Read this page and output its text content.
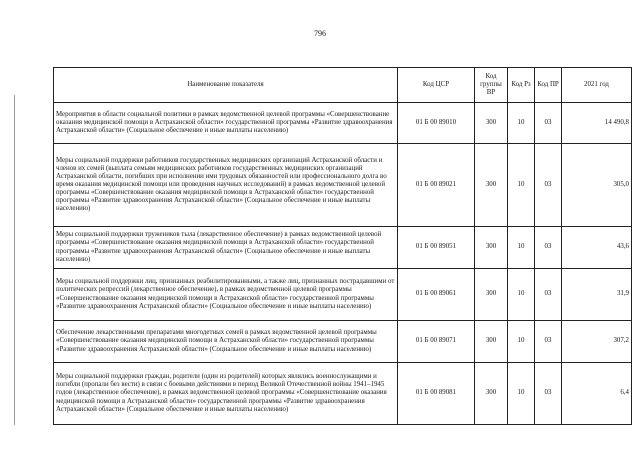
796
Наименование показателя	Код ЦСР	Код группы ВР	Код Рз	Код ПР	2021 год
Мероприятия в области социальной политики в рамках ведомственной целевой программы «Совершенствование оказания медицинской помощи в Астраханской области» государственной программы «Развитие здравоохранения Астраханской области» (Социальное обеспечение и иные выплаты населению)	01 Б 00 89010	300	10	03	14 490,8
Меры социальной поддержки работников государственных медицинских организаций Астраханской области и членов их семей (выплата семьям медицинских работников государственных медицинских организаций Астраханской области, погибших при исполнении ими трудовых обязанностей или профессионального долга во время оказания медицинской помощи или проведения научных исследований) в рамках ведомственной целевой программы «Совершенствование оказания медицинской помощи в Астраханской области» государственной программы «Развитие здравоохранения Астраханской области» (Социальное обеспечение и иные выплаты населению)	01 Б 00 89021	300	10	03	305,0
Меры социальной поддержки тружеников тыла (лекарственное обеспечение) в рамках ведомственной целевой программы «Совершенствование оказания медицинской помощи в Астраханской области» государственной программы «Развитие здравоохранения Астраханской области» (Социальное обеспечение и иные выплаты населению)	01 Б 00 89051	300	10	03	43,6
Меры социальной поддержки лиц, признанных реабилитированными, а также лиц, признанных пострадавшими от политических репрессий (лекарственное обеспечение), в рамках ведомственной целевой программы «Совершенствование оказания медицинской помощи в Астраханской области» государственной программы «Развитие здравоохранения Астраханской области» (Социальное обеспечение и иные выплаты населению)	01 Б 00 89061	300	10	03	31,9
Обеспечение лекарственными препаратами многодетных семей в рамках ведомственной целевой программы «Совершенствование оказания медицинской помощи в Астраханской области» государственной программы «Развитие здравоохранения Астраханской области» (Социальное обеспечение и иные выплаты населению)	01 Б 00 89071	300	10	03	307,2
Меры социальной поддержки граждан, родители (один из родителей) которых являлись военнослужащими и погибли (пропали без вести) в связи с боевыми действиями в период Великой Отечественной войны 1941–1945 годов (лекарственное обеспечение), в рамках ведомственной целевой программы «Совершенствование оказания медицинской помощи в Астраханской области» государственной программы «Развитие здравоохранения Астраханской области» (Социальное обеспечение и иные выплаты населению)	01 Б 00 89081	300	10	03	6,4
